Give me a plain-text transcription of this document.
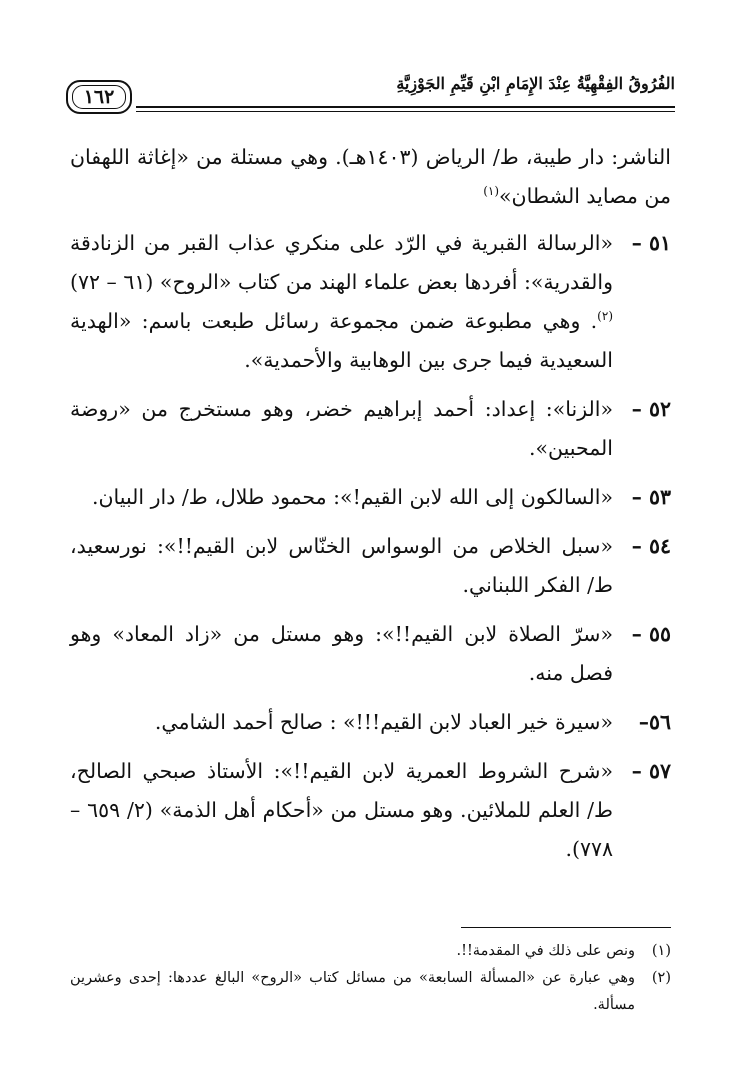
١٦٢
الفُرُوقُ الفِقْهِيَّةُ عِنْدَ الإِمَامِ ابْنِ قَيِّمِ الجَوْزِيَّةِ

الناشر: دار طيبة، ط/ الرياض (١٤٠٣هـ). وهي مستلة من «إغاثة اللهفان من مصايد الشطان»$^{(١)}$

٥١ –
«الرسالة القبرية في الرّد على منكري عذاب القبر من الزنادقة والقدرية»: أفردها بعض علماء الهند من كتاب «الروح» (٦١ – ٧٢)$^{(٢)}$. وهي مطبوعة ضمن مجموعة رسائل طبعت باسم: «الهدية السعيدية فيما جرى بين الوهابية والأحمدية».
٥٢ –
«الزنا»: إعداد: أحمد إبراهيم خضر، وهو مستخرج من «روضة المحبين».
٥٣ –
«السالكون إلى الله لابن القيم!»: محمود طلال، ط/ دار البيان.
٥٤ –
«سبل الخلاص من الوسواس الخنّاس لابن القيم!!»: نورسعيد، ط/ الفكر اللبناني.
٥٥ –
«سرّ الصلاة لابن القيم!!»: وهو مستل من «زاد المعاد» وهو فصل منه.
٥٦–
«سيرة خير العباد لابن القيم!!!» : صالح أحمد الشامي.
٥٧ –
«شرح الشروط العمرية لابن القيم!!»: الأستاذ صبحي الصالح، ط/ العلم للملائين. وهو مستل من «أحكام أهل الذمة» (٢/ ٦٥٩ – ٧٧٨).
(١)
ونص على ذلك في المقدمة!!.
(٢)
وهي عبارة عن «المسألة السابعة» من مسائل كتاب «الروح» البالغ عددها: إحدى وعشرين مسألة.
